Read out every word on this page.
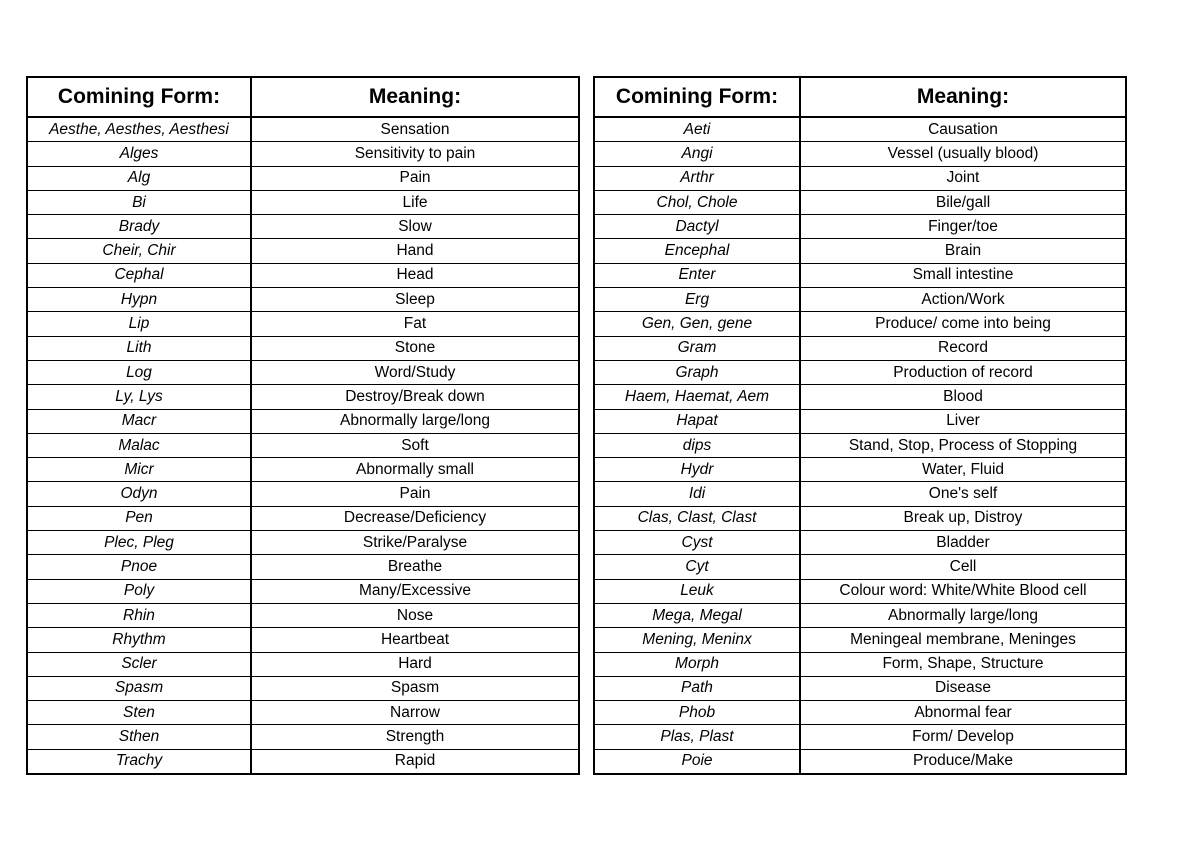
Comining Form:	Meaning:
Aesthe, Aesthes, Aesthesi	Sensation
Alges	Sensitivity to pain
Alg	Pain
Bi	Life
Brady	Slow
Cheir, Chir	Hand
Cephal	Head
Hypn	Sleep
Lip	Fat
Lith	Stone
Log	Word/Study
Ly, Lys	Destroy/Break down
Macr	Abnormally large/long
Malac	Soft
Micr	Abnormally small
Odyn	Pain
Pen	Decrease/Deficiency
Plec, Pleg	Strike/Paralyse
Pnoe	Breathe
Poly	Many/Excessive
Rhin	Nose
Rhythm	Heartbeat
Scler	Hard
Spasm	Spasm
Sten	Narrow
Sthen	Strength
Trachy	Rapid
Comining Form:	Meaning:
Aeti	Causation
Angi	Vessel (usually blood)
Arthr	Joint
Chol, Chole	Bile/gall
Dactyl	Finger/toe
Encephal	Brain
Enter	Small intestine
Erg	Action/Work
Gen, Gen, gene	Produce/ come into being
Gram	Record
Graph	Production of record
Haem, Haemat, Aem	Blood
Hapat	Liver
dips	Stand, Stop, Process of Stopping
Hydr	Water, Fluid
Idi	One's self
Clas, Clast, Clast	Break up, Distroy
Cyst	Bladder
Cyt	Cell
Leuk	Colour word: White/White Blood cell
Mega, Megal	Abnormally large/long
Mening, Meninx	Meningeal membrane, Meninges
Morph	Form, Shape, Structure
Path	Disease
Phob	Abnormal fear
Plas, Plast	Form/ Develop
Poie	Produce/Make
